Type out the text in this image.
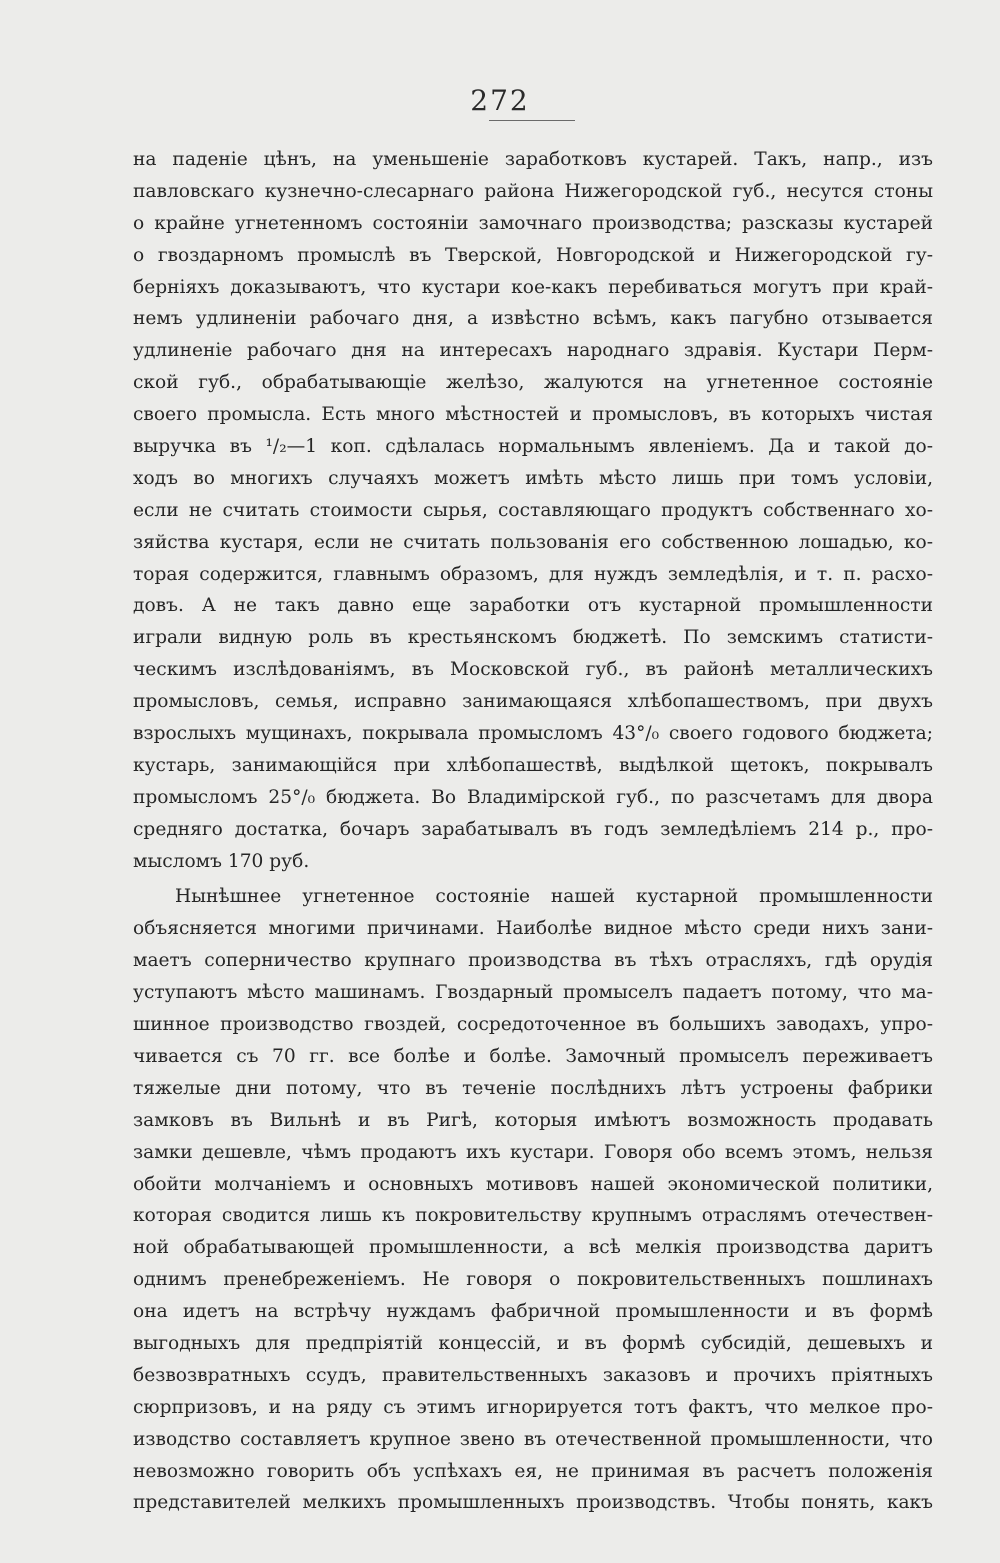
272
на паденіе цѣнъ, на уменьшеніе заработковъ кустарей. Такъ, напр., изъ
павловскаго кузнечно-слесарнаго района Нижегородской губ., несутся стоны
о крайне угнетенномъ состояніи замочнаго производства; разсказы кустарей
о гвоздарномъ промыслѣ въ Тверской, Новгородской и Нижегородской гу-
берніяхъ доказываютъ, что кустари кое-какъ перебиваться могутъ при край-
немъ удлиненіи рабочаго дня, а извѣстно всѣмъ, какъ пагубно отзывается
удлиненіе рабочаго дня на интересахъ народнаго здравія. Кустари Перм-
ской губ., обрабатывающіе желѣзо, жалуются на угнетенное состояніе
своего промысла. Есть много мѣстностей и промысловъ, въ которыхъ чистая
выручка въ ¹/₂—1 коп. сдѣлалась нормальнымъ явленіемъ. Да и такой до-
ходъ во многихъ случаяхъ можетъ имѣть мѣсто лишь при томъ условіи,
если не считать стоимости сырья, составляющаго продуктъ собственнаго хо-
зяйства кустаря, если не считать пользованія его собственною лошадью, ко-
торая содержится, главнымъ образомъ, для нуждъ земледѣлія, и т. п. расхо-
довъ. А не такъ давно еще заработки отъ кустарной промышленности
играли видную роль въ крестьянскомъ бюджетѣ. По земскимъ статисти-
ческимъ изслѣдованіямъ, въ Московской губ., въ районѣ металлическихъ
промысловъ, семья, исправно занимающаяся хлѣбопашествомъ, при двухъ
взрослыхъ мущинахъ, покрывала промысломъ 43°/₀ своего годового бюджета;
кустарь, занимающійся при хлѣбопашествѣ, выдѣлкой щетокъ, покрывалъ
промысломъ 25°/₀ бюджета. Во Владимірской губ., по разсчетамъ для двора
средняго достатка, бочаръ зарабатывалъ въ годъ земледѣліемъ 214 р., про-
мысломъ 170 руб.
Нынѣшнее угнетенное состояніе нашей кустарной промышленности
объясняется многими причинами. Наиболѣе видное мѣсто среди нихъ зани-
маетъ соперничество крупнаго производства въ тѣхъ отрасляхъ, гдѣ орудія
уступаютъ мѣсто машинамъ. Гвоздарный промыселъ падаетъ потому, что ма-
шинное производство гвоздей, сосредоточенное въ большихъ заводахъ, упро-
чивается съ 70 гг. все болѣе и болѣе. Замочный промыселъ переживаетъ
тяжелые дни потому, что въ теченіе послѣднихъ лѣтъ устроены фабрики
замковъ въ Вильнѣ и въ Ригѣ, которыя имѣютъ возможность продавать
замки дешевле, чѣмъ продаютъ ихъ кустари. Говоря обо всемъ этомъ, нельзя
обойти молчаніемъ и основныхъ мотивовъ нашей экономической политики,
которая сводится лишь къ покровительству крупнымъ отраслямъ отечествен-
ной обрабатывающей промышленности, а всѣ мелкія производства даритъ
однимъ пренебреженіемъ. Не говоря о покровительственныхъ пошлинахъ
она идетъ на встрѣчу нуждамъ фабричной промышленности и въ формѣ
выгодныхъ для предпріятій концессій, и въ формѣ субсидій, дешевыхъ и
безвозвратныхъ ссудъ, правительственныхъ заказовъ и прочихъ пріятныхъ
сюрпризовъ, и на ряду съ этимъ игнорируется тотъ фактъ, что мелкое про-
изводство составляетъ крупное звено въ отечественной промышленности, что
невозможно говорить объ успѣхахъ ея, не принимая въ расчетъ положенія
представителей мелкихъ промышленныхъ производствъ. Чтобы понять, какъ
